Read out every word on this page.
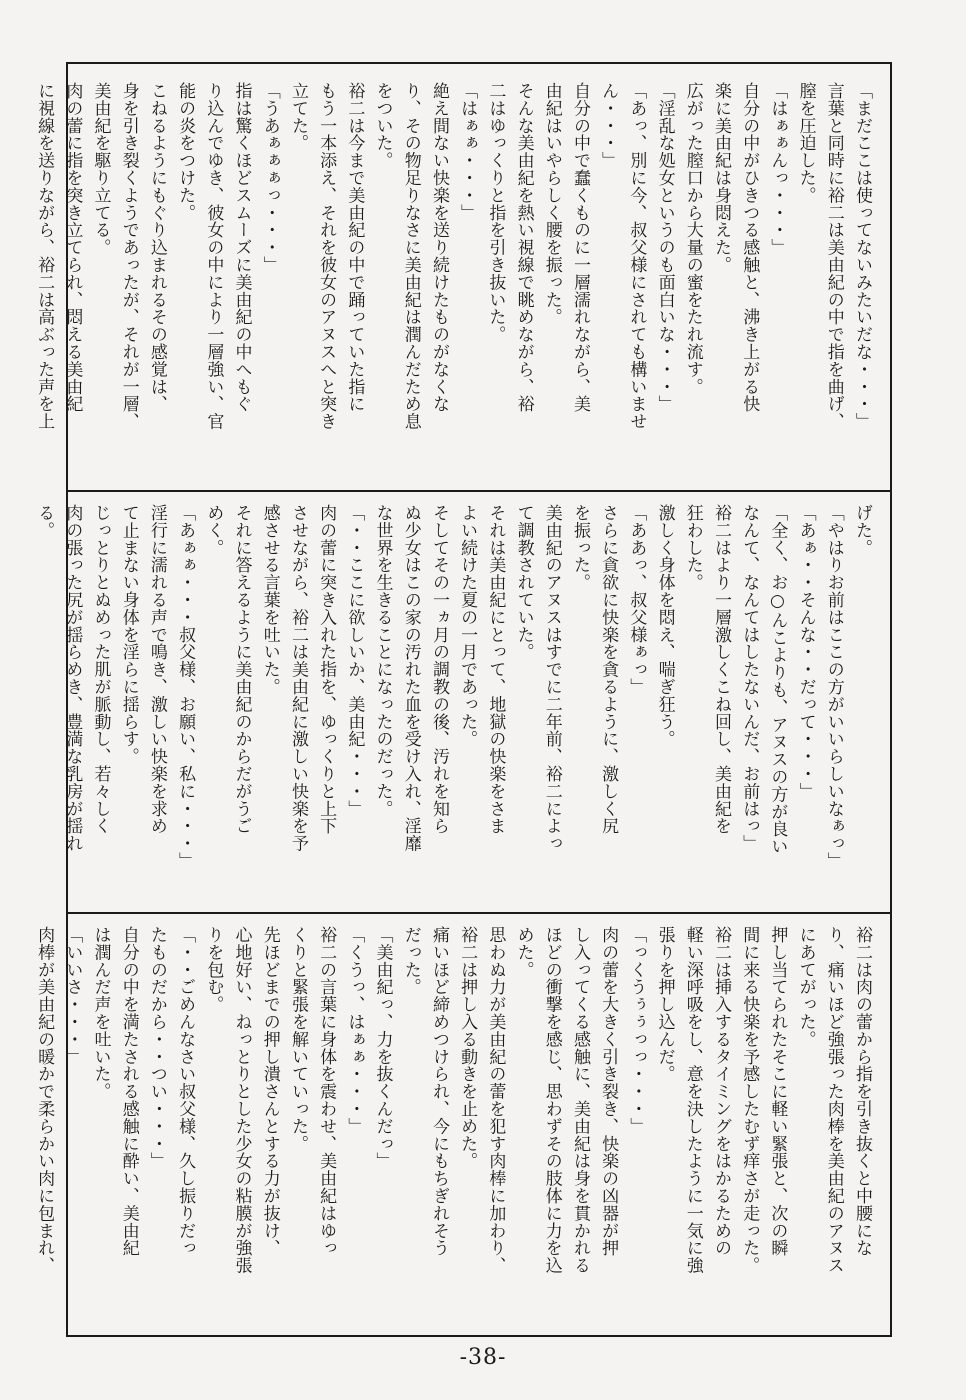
「まだここは使ってないみたいだな・・・」
言葉と同時に裕二は美由紀の中で指を曲げ、
膣を圧迫した。
「はぁぁんっ・・・」
自分の中がひきつる感触と、沸き上がる快
楽に美由紀は身悶えた。
広がった膣口から大量の蜜をたれ流す。
「淫乱な処女というのも面白いな・・・」
「あっ、別に今、叔父様にされても構いませ
ん・・・」
自分の中で蠢くものに一層濡れながら、美
由紀はいやらしく腰を振った。
そんな美由紀を熱い視線で眺めながら、裕
二はゆっくりと指を引き抜いた。
「はぁぁ・・・」
絶え間ない快楽を送り続けたものがなくな
り、その物足りなさに美由紀は潤んだため息
をついた。
裕二は今まで美由紀の中で踊っていた指に
もう一本添え、それを彼女のアヌスへと突き
立てた。
「うあぁぁぁっ・・・」
指は驚くほどスムーズに美由紀の中へもぐ
り込んでゆき、彼女の中により一層強い、官
能の炎をつけた。
こねるようにもぐり込まれるその感覚は、
身を引き裂くようであったが、それが一層、
美由紀を駆り立てる。
肉の蕾に指を突き立てられ、悶える美由紀
に視線を送りながら、裕二は高ぶった声を上
げた。
「やはりお前はここの方がいいらしいなぁっ」
「あぁ・・そんな・・だって・・・」
「全く、お○んこよりも、アヌスの方が良い
なんて、なんてはしたないんだ、お前はっ」
裕二はより一層激しくこね回し、美由紀を
狂わした。
激しく身体を悶え、喘ぎ狂う。
「ああっ、叔父様ぁっ」
さらに貪欲に快楽を貪るように、激しく尻
を振った。
美由紀のアヌスはすでに二年前、裕二によっ
て調教されていた。
それは美由紀にとって、地獄の快楽をさま
よい続けた夏の一月であった。
そしてその一ヵ月の調教の後、汚れを知ら
ぬ少女はこの家の汚れた血を受け入れ、淫靡
な世界を生きることになったのだった。
「・・ここに欲しいか、美由紀・・・」
肉の蕾に突き入れた指を、ゆっくりと上下
させながら、裕二は美由紀に激しい快楽を予
感させる言葉を吐いた。
それに答えるように美由紀のからだがうご
めく。
「あぁぁ・・・叔父様、お願い、私に・・・」
淫行に濡れる声で鳴き、激しい快楽を求め
て止まない身体を淫らに揺らす。
じっとりとぬめった肌が脈動し、若々しく
肉の張った尻が揺らめき、豊満な乳房が揺れ
る。
裕二は肉の蕾から指を引き抜くと中腰にな
り、痛いほど強張った肉棒を美由紀のアヌス
にあてがった。
押し当てられたそこに軽い緊張と、次の瞬
間に来る快楽を予感したむず痒さが走った。
裕二は挿入するタイミングをはかるための
軽い深呼吸をし、意を決したように一気に強
張りを押し込んだ。
「っくうぅぅっっ・・・」
肉の蕾を大きく引き裂き、快楽の凶器が押
し入ってくる感触に、美由紀は身を貫かれる
ほどの衝撃を感じ、思わずその肢体に力を込
めた。
思わぬ力が美由紀の蕾を犯す肉棒に加わり、
裕二は押し入る動きを止めた。
痛いほど締めつけられ、今にもちぎれそう
だった。
「美由紀っ、力を抜くんだっ」
「くうっ、はぁぁ・・・」
裕二の言葉に身体を震わせ、美由紀はゆっ
くりと緊張を解いていった。
先ほどまでの押し潰さんとする力が抜け、
心地好い、ねっとりとした少女の粘膜が強張
りを包む。
「・・ごめんなさい叔父様、久し振りだっ
たものだから・・つい・・・」
自分の中を満たされる感触に酔い、美由紀
は潤んだ声を吐いた。
「いいさ・・・」
肉棒が美由紀の暖かで柔らかい肉に包まれ、
-38-
